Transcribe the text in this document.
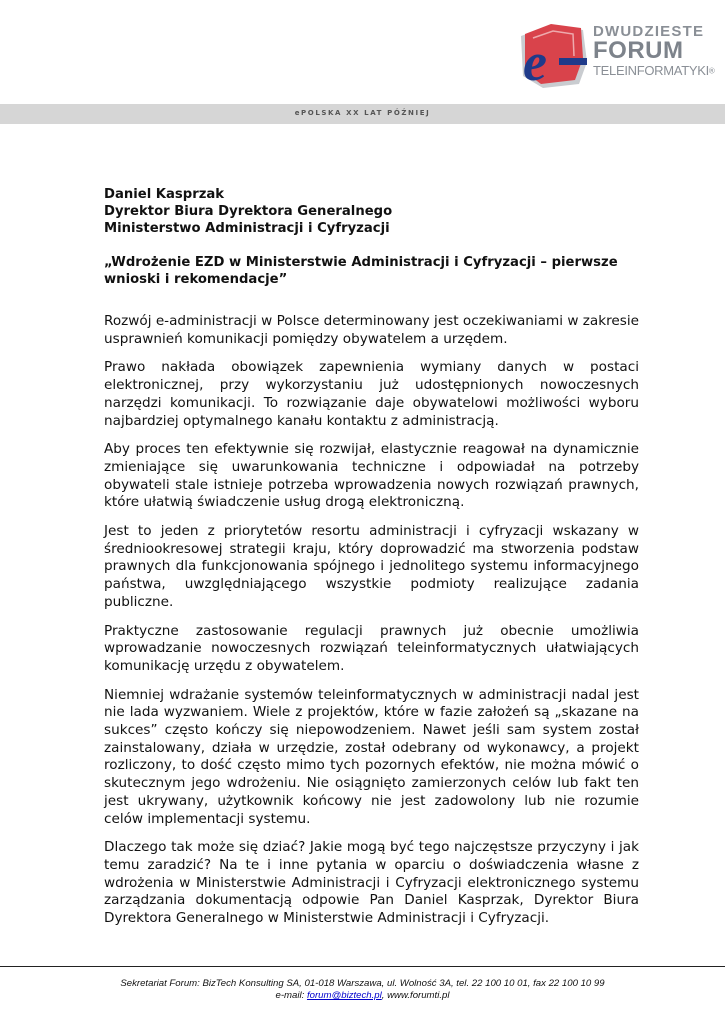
e
DWUDZIESTE
FORUM
TELEINFORMATYKI®
ePOLSKA XX LAT PÓŹNIEJ
Daniel Kasprzak
Dyrektor Biura Dyrektora Generalnego
Ministerstwo Administracji i Cyfryzacji
„Wdrożenie EZD w Ministerstwie Administracji i Cyfryzacji – pierwsze wnioski i rekomendacje”

Rozwój e-administracji w Polsce determinowany jest oczekiwaniami w zakresie usprawnień komunikacji pomiędzy obywatelem a urzędem.

Prawo nakłada obowiązek zapewnienia wymiany danych w postaci elektronicznej, przy wykorzystaniu już udostępnionych nowoczesnych narzędzi komunikacji. To rozwiązanie daje obywatelowi możliwości wyboru najbardziej optymalnego kanału kontaktu z administracją.

Aby proces ten efektywnie się rozwijał, elastycznie reagował na dynamicznie zmieniające się uwarunkowania techniczne i odpowiadał na potrzeby obywateli stale istnieje potrzeba wprowadzenia nowych rozwiązań prawnych, które ułatwią świadczenie usług drogą elektroniczną.

Jest to jeden z priorytetów resortu administracji i cyfryzacji wskazany w średniookresowej strategii kraju, który doprowadzić ma stworzenia podstaw prawnych dla funkcjonowania spójnego i jednolitego systemu informacyjnego państwa, uwzględniającego wszystkie podmioty realizujące zadania publiczne.

Praktyczne zastosowanie regulacji prawnych już obecnie umożliwia wprowadzanie nowoczesnych rozwiązań teleinformatycznych ułatwiających komunikację urzędu z obywatelem.

Niemniej wdrażanie systemów teleinformatycznych w administracji nadal jest nie lada wyzwaniem. Wiele z projektów, które w fazie założeń są „skazane na sukces” często kończy się niepowodzeniem. Nawet jeśli sam system został zainstalowany, działa w urzędzie, został odebrany od wykonawcy, a projekt rozliczony, to dość często mimo tych pozornych efektów, nie można mówić o skutecznym jego wdrożeniu. Nie osiągnięto zamierzonych celów lub fakt ten jest ukrywany, użytkownik końcowy nie jest zadowolony lub nie rozumie celów implementacji systemu.

Dlaczego tak może się dziać? Jakie mogą być tego najczęstsze przyczyny i jak temu zaradzić? Na te i inne pytania w oparciu o doświadczenia własne z wdrożenia w Ministerstwie Administracji i Cyfryzacji elektronicznego systemu zarządzania dokumentacją odpowie Pan Daniel Kasprzak, Dyrektor Biura Dyrektora Generalnego w Ministerstwie Administracji i Cyfryzacji.

Sekretariat Forum: BizTech Konsulting SA, 01-018 Warszawa, ul. Wolność 3A, tel. 22 100 10 01, fax 22 100 10 99
e-mail: forum@biztech.pl, www.forumti.pl
